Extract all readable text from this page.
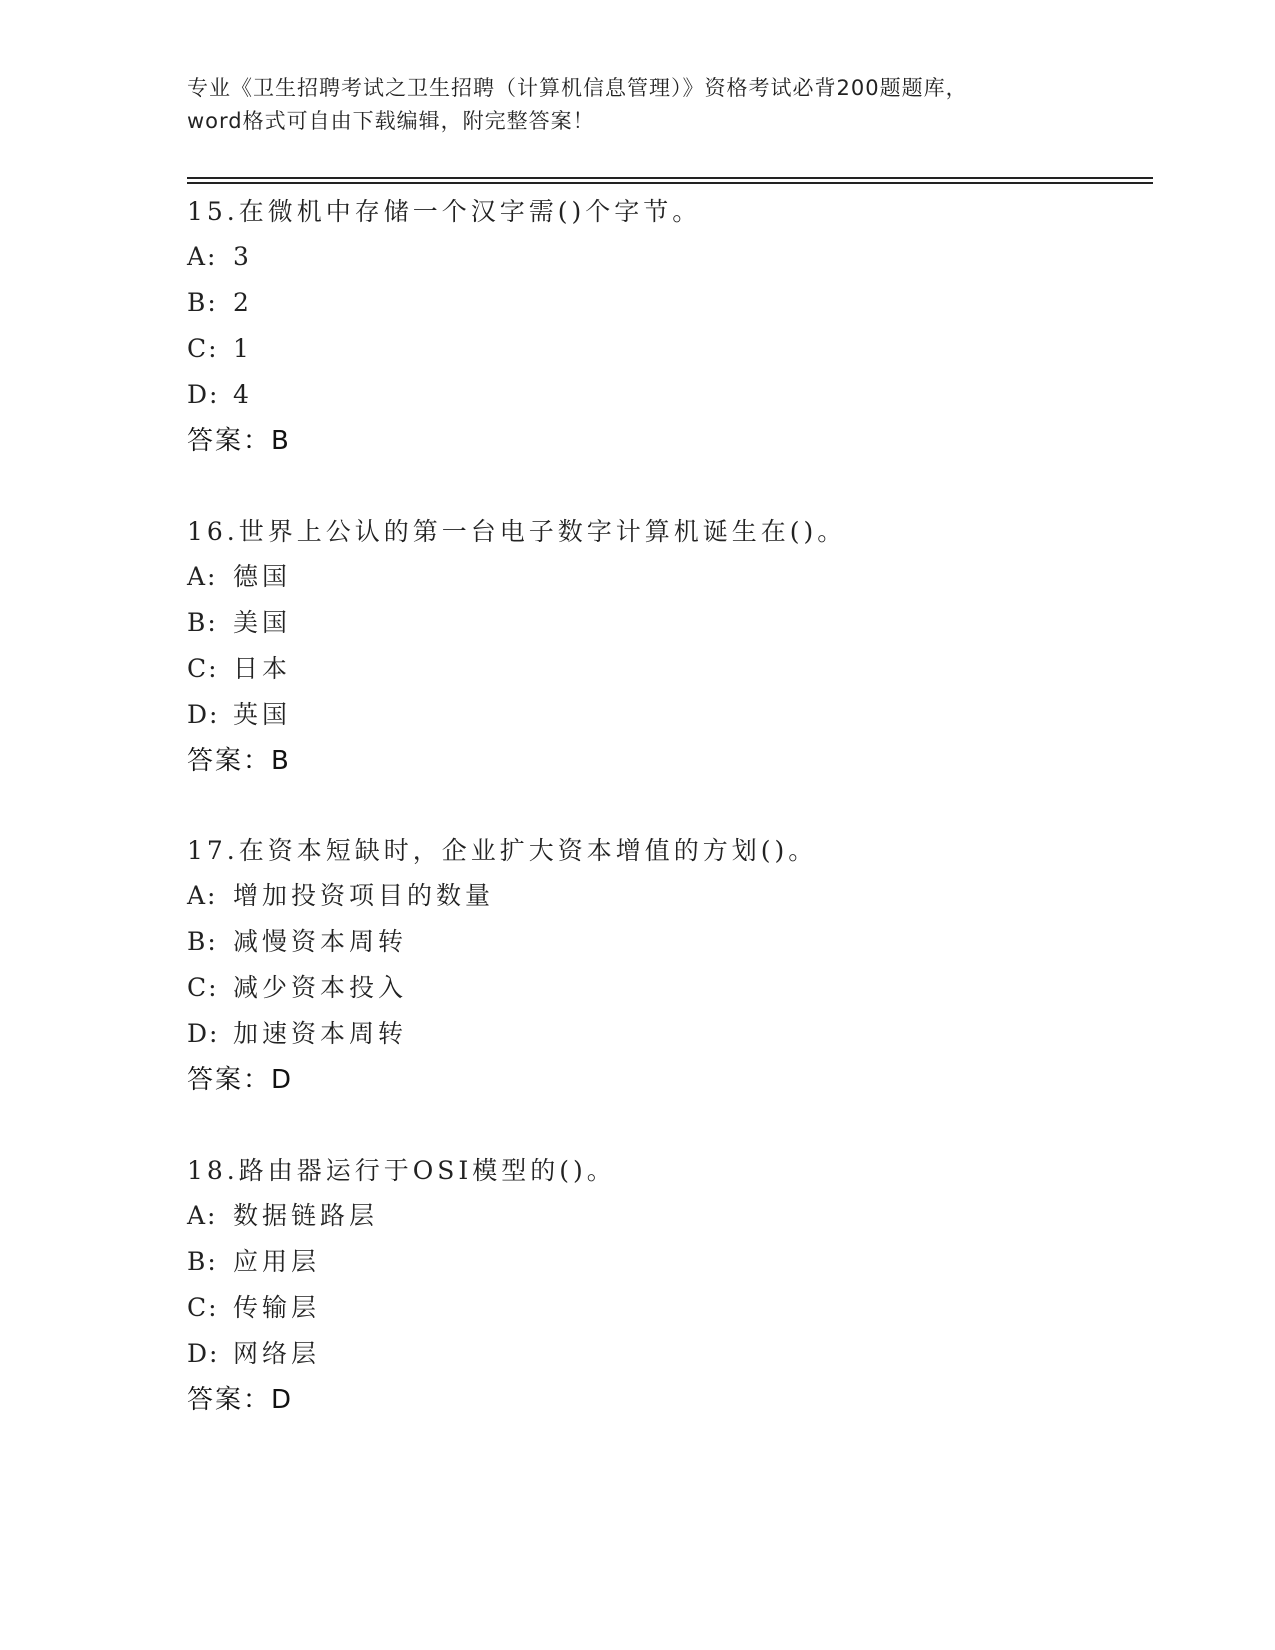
专业《卫生招聘考试之卫生招聘（计算机信息管理）》资格考试必背200题题库，
word格式可自由下载编辑，附完整答案！
15.在微机中存储一个汉字需()个字节。
A: 3
B: 2
C: 1
D: 4
答案：B
16.世界上公认的第一台电子数字计算机诞生在()。
A: 德国
B: 美国
C: 日本
D: 英国
答案：B
17.在资本短缺时，企业扩大资本增值的方划()。
A: 增加投资项目的数量
B: 减慢资本周转
C: 减少资本投入
D: 加速资本周转
答案：D
18.路由器运行于OSI模型的()。
A: 数据链路层
B: 应用层
C: 传输层
D: 网络层
答案：D
